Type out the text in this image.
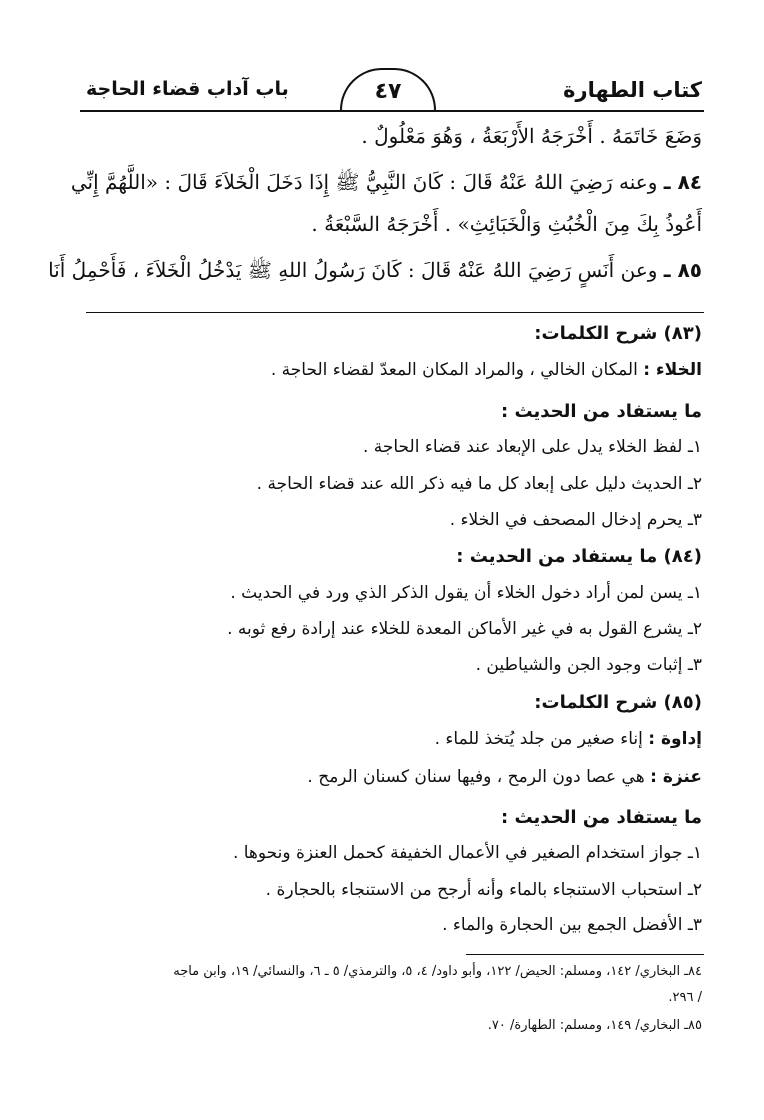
كتاب الطهارة
٤٧
باب آداب قضاء الحاجة
وَضَعَ خَاتَمَهُ . أَخْرَجَهُ الأَرْبَعَةُ ، وَهُوَ مَعْلُولٌ .
٨٤ ـ وعنه رَضِيَ اللهُ عَنْهُ قَالَ : كَانَ النَّبِيُّ ﷺ إِذَا دَخَلَ الْخَلاَءَ قَالَ : «اللَّهُمَّ إِنِّي
أَعُوذُ بِكَ مِنَ الْخُبُثِ وَالْخَبَائِثِ» . أَخْرَجَهُ السَّبْعَةُ .
٨٥ ـ وعن أَنَسٍ رَضِيَ اللهُ عَنْهُ قَالَ : كَانَ رَسُولُ اللهِ ﷺ يَدْخُلُ الْخَلاَءَ ، فَأَحْمِلُ أَنَا
(٨٣) شرح الكلمات:
الخلاء : المكان الخالي ، والمراد المكان المعدّ لقضاء الحاجة .
ما يستفاد من الحديث :
١ـ لفظ الخلاء يدل على الإبعاد عند قضاء الحاجة .
٢ـ الحديث دليل على إبعاد كل ما فيه ذكر الله عند قضاء الحاجة .
٣ـ يحرم إدخال المصحف في الخلاء .
(٨٤) ما يستفاد من الحديث :
١ـ يسن لمن أراد دخول الخلاء أن يقول الذكر الذي ورد في الحديث .
٢ـ يشرع القول به في غير الأماكن المعدة للخلاء عند إرادة رفع ثوبه .
٣ـ إثبات وجود الجن والشياطين .
(٨٥) شرح الكلمات:
إداوة : إناء صغير من جلد يُتخذ للماء .
عنزة : هي عصا دون الرمح ، وفيها سنان كسنان الرمح .
ما يستفاد من الحديث :
١ـ جواز استخدام الصغير في الأعمال الخفيفة كحمل العنزة ونحوها .
٢ـ استحباب الاستنجاء بالماء وأنه أرجح من الاستنجاء بالحجارة .
٣ـ الأفضل الجمع بين الحجارة والماء .
٨٤ـ البخاري/ ١٤٢، ومسلم: الحيض/ ١٢٢، وأبو داود/ ٤، ٥، والترمذي/ ٥ ـ ٦، والنسائي/ ١٩، وابن ماجه
/ ٢٩٦.
٨٥ـ البخاري/ ١٤٩، ومسلم: الطهارة/ ٧٠.
